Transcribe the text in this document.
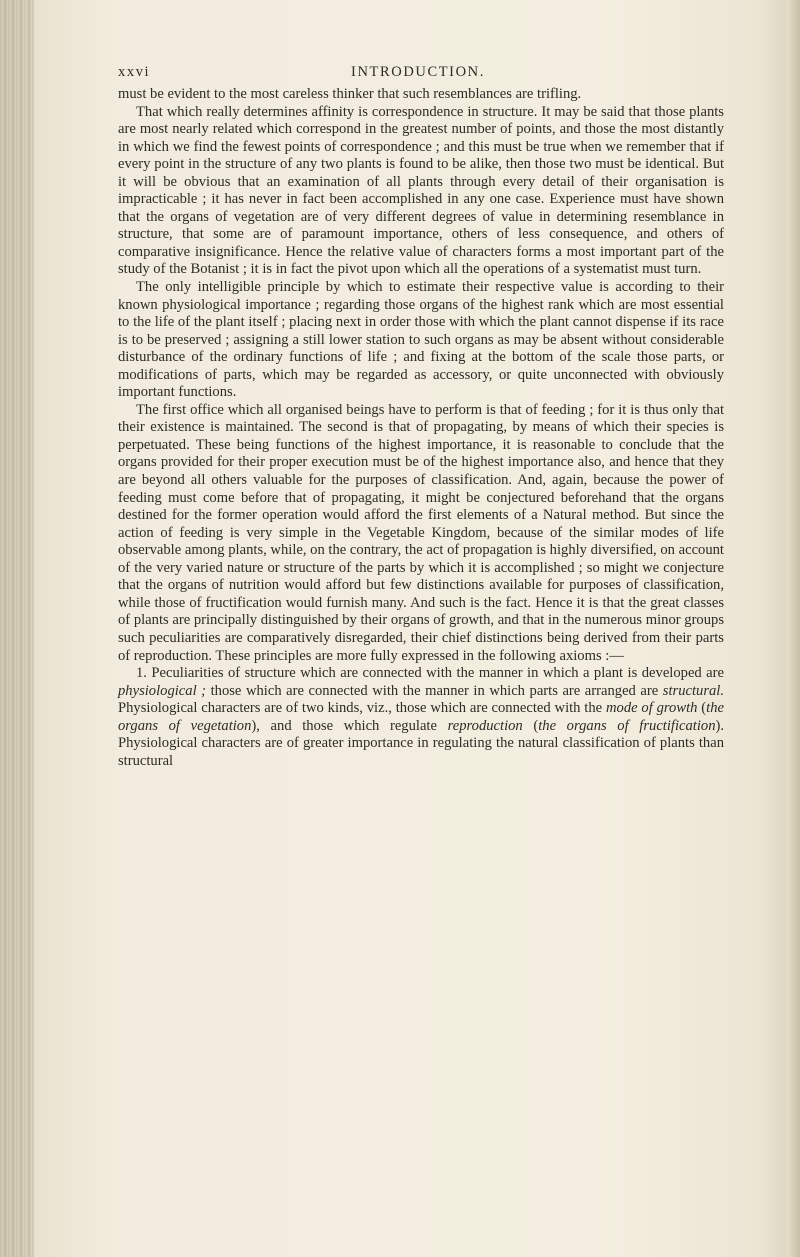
xxvi	INTRODUCTION.

must be evident to the most careless thinker that such resemblances are trifling.

That which really determines affinity is correspondence in structure. It may be said that those plants are most nearly related which correspond in the greatest number of points, and those the most distantly in which we find the fewest points of correspondence ; and this must be true when we remember that if every point in the structure of any two plants is found to be alike, then those two must be identical. But it will be obvious that an examination of all plants through every detail of their organisation is impracticable ; it has never in fact been accomplished in any one case. Experience must have shown that the organs of vegetation are of very different degrees of value in determining resemblance in structure, that some are of paramount importance, others of less consequence, and others of comparative insignificance. Hence the relative value of characters forms a most important part of the study of the Botanist ; it is in fact the pivot upon which all the operations of a systematist must turn.

The only intelligible principle by which to estimate their respective value is according to their known physiological importance ; regarding those organs of the highest rank which are most essential to the life of the plant itself ; placing next in order those with which the plant cannot dispense if its race is to be preserved ; assigning a still lower station to such organs as may be absent without considerable disturbance of the ordinary functions of life ; and fixing at the bottom of the scale those parts, or modifications of parts, which may be regarded as accessory, or quite unconnected with obviously important functions.

The first office which all organised beings have to perform is that of feeding ; for it is thus only that their existence is maintained. The second is that of propagating, by means of which their species is perpetuated. These being functions of the highest importance, it is reasonable to conclude that the organs provided for their proper execution must be of the highest importance also, and hence that they are beyond all others valuable for the purposes of classification. And, again, because the power of feeding must come before that of propagating, it might be conjectured beforehand that the organs destined for the former operation would afford the first elements of a Natural method. But since the action of feeding is very simple in the Vegetable Kingdom, because of the similar modes of life observable among plants, while, on the contrary, the act of propagation is highly diversified, on account of the very varied nature or structure of the parts by which it is accomplished ; so might we conjecture that the organs of nutrition would afford but few distinctions available for purposes of classification, while those of fructification would furnish many. And such is the fact. Hence it is that the great classes of plants are principally distinguished by their organs of growth, and that in the numerous minor groups such peculiarities are comparatively disregarded, their chief distinctions being derived from their parts of reproduction. These principles are more fully expressed in the following axioms :—

1. Peculiarities of structure which are connected with the manner in which a plant is developed are physiological ; those which are connected with the manner in which parts are arranged are structural. Physiological characters are of two kinds, viz., those which are connected with the mode of growth (the organs of vegetation), and those which regulate reproduction (the organs of fructification). Physiological characters are of greater importance in regulating the natural classification of plants than structural
